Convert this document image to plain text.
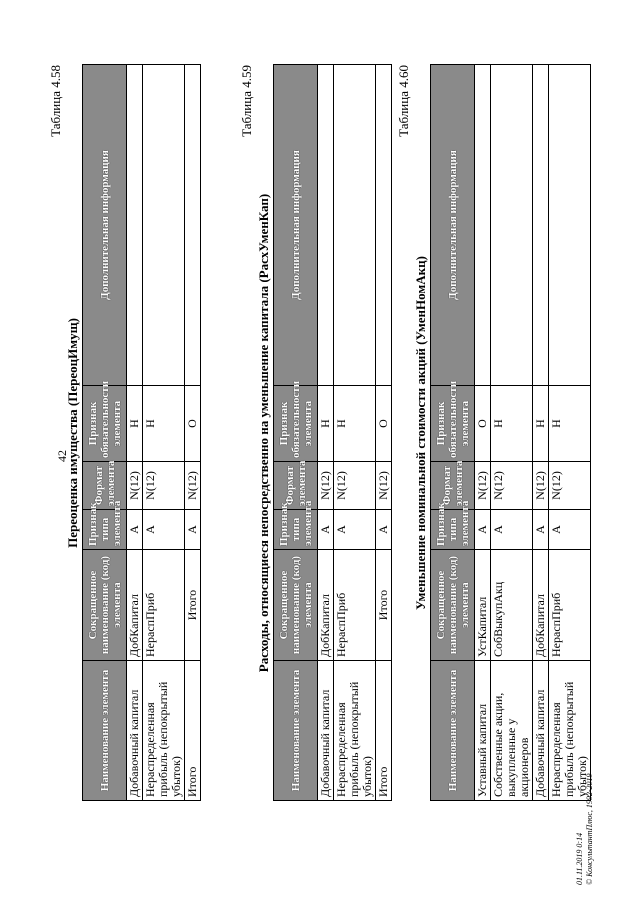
42
Таблица 4.58
Переоценка имущества (ПереоцИмущ)
Наименование элемента	Сокращенное наименование (код) элемента	Признак типа элемента	Формат элемента	Признак обязательности элемента	Дополнительная информация
Добавочный капитал	ДобКапитал	А	N(12)	Н	
Нераспределенная прибыль (непокрытый убыток)	НераспПриб	А	N(12)	Н	
Итого	Итого	А	N(12)	О	
Таблица 4.59
Расходы, относящиеся непосредственно на уменьшение капитала (РасхУменКап)
Наименование элемента	Сокращенное наименование (код) элемента	Признак типа элемента	Формат элемента	Признак обязательности элемента	Дополнительная информация
Добавочный капитал	ДобКапитал	А	N(12)	Н	
Нераспределенная прибыль (непокрытый убыток)	НераспПриб	А	N(12)	Н	
Итого	Итого	А	N(12)	О	
Таблица 4.60
Уменьшение номинальной стоимости акций (УменНомАкц)
Наименование элемента	Сокращенное наименование (код) элемента	Признак типа элемента	Формат элемента	Признак обязательности элемента	Дополнительная информация
Уставный капитал	УстКапитал	А	N(12)	О	
Собственные акции, выкупленные у акционеров	СобВыкупАкц	А	N(12)	Н	
Добавочный капитал	ДобКапитал	А	N(12)	Н	
Нераспределенная прибыль (непокрытый убыток)	НераспПриб	А	N(12)	Н	
01.11.2019 0:14 © КонсультантПлюс, 1992-2019
